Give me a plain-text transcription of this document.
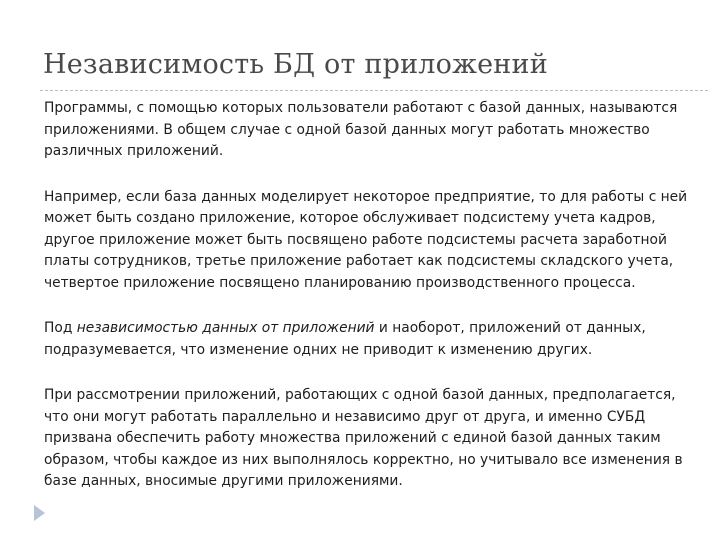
Независимость БД от приложений

Программы, с помощью которых пользователи работают с базой данных, называются приложениями. В общем случае с одной базой данных могут работать множество различных приложений.

Например, если база данных моделирует некоторое предприятие, то для работы с ней может быть создано приложение, которое обслуживает подсистему учета кадров, другое приложение может быть посвящено работе подсистемы расчета заработной платы сотрудников, третье приложение работает как подсистемы складского учета, четвертое приложение посвящено планированию производственного процесса.

Под независимостью данных от приложений и наоборот, приложений от данных, подразумевается, что изменение одних не приводит к изменению других.

При рассмотрении приложений, работающих с одной базой данных, предполагается, что они могут работать параллельно и независимо друг от друга, и именно СУБД призвана обеспечить работу множества приложений с единой базой данных таким образом, чтобы каждое из них выполнялось корректно, но учитывало все изменения в базе данных, вносимые другими приложениями.
